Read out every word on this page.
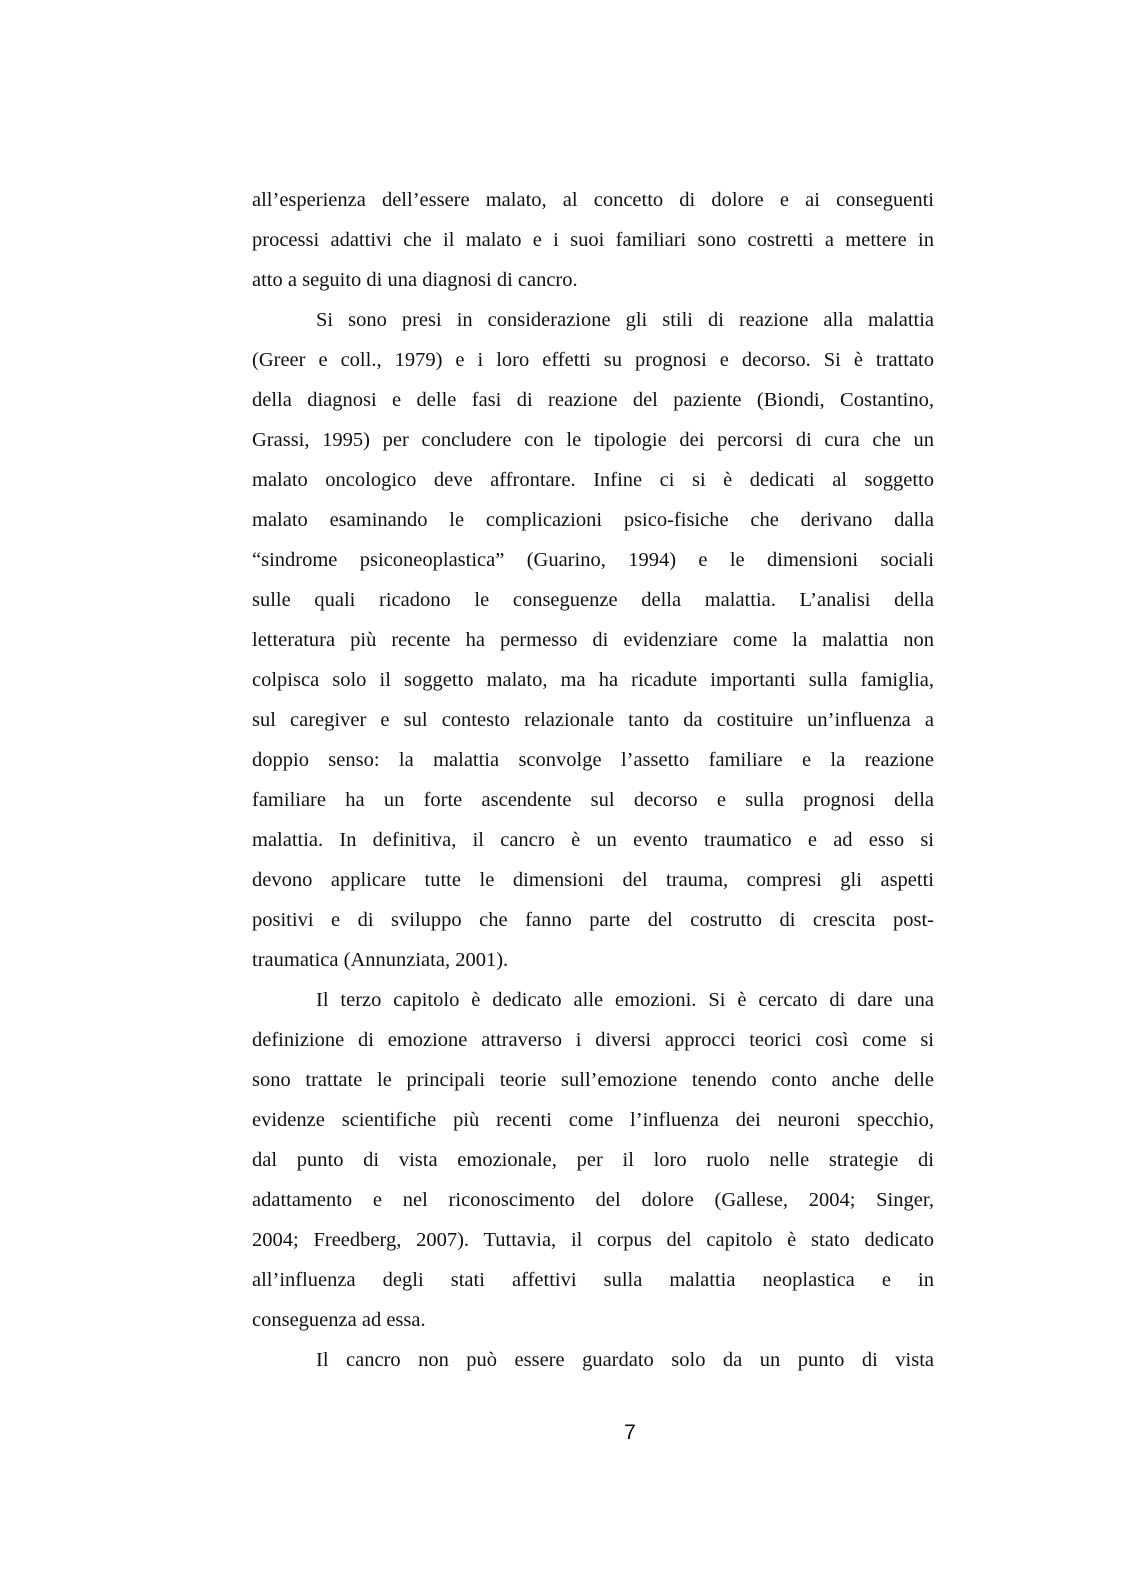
all’esperienza dell’essere malato, al concetto di dolore e ai conseguenti
processi adattivi che il malato e i suoi familiari sono costretti a mettere in
atto a seguito di una diagnosi di cancro.
Si sono presi in considerazione gli stili di reazione alla malattia
(Greer e coll., 1979) e i loro effetti su prognosi e decorso. Si è trattato
della diagnosi e delle fasi di reazione del paziente (Biondi, Costantino,
Grassi, 1995) per concludere con le tipologie dei percorsi di cura che un
malato oncologico deve affrontare. Infine ci si è dedicati al soggetto
malato esaminando le complicazioni psico-fisiche che derivano dalla
“sindrome psiconeoplastica” (Guarino, 1994) e le dimensioni sociali
sulle quali ricadono le conseguenze della malattia. L’analisi della
letteratura più recente ha permesso di evidenziare come la malattia non
colpisca solo il soggetto malato, ma ha ricadute importanti sulla famiglia,
sul caregiver e sul contesto relazionale tanto da costituire un’influenza a
doppio senso: la malattia sconvolge l’assetto familiare e la reazione
familiare ha un forte ascendente sul decorso e sulla prognosi della
malattia. In definitiva, il cancro è un evento traumatico e ad esso si
devono applicare tutte le dimensioni del trauma, compresi gli aspetti
positivi e di sviluppo che fanno parte del costrutto di crescita post-
traumatica (Annunziata, 2001).
Il terzo capitolo è dedicato alle emozioni. Si è cercato di dare una
definizione di emozione attraverso i diversi approcci teorici così come si
sono trattate le principali teorie sull’emozione tenendo conto anche delle
evidenze scientifiche più recenti come l’influenza dei neuroni specchio,
dal punto di vista emozionale, per il loro ruolo nelle strategie di
adattamento e nel riconoscimento del dolore (Gallese, 2004; Singer,
2004; Freedberg, 2007). Tuttavia, il corpus del capitolo è stato dedicato
all’influenza degli stati affettivi sulla malattia neoplastica e in
conseguenza ad essa.
Il cancro non può essere guardato solo da un punto di vista
7
